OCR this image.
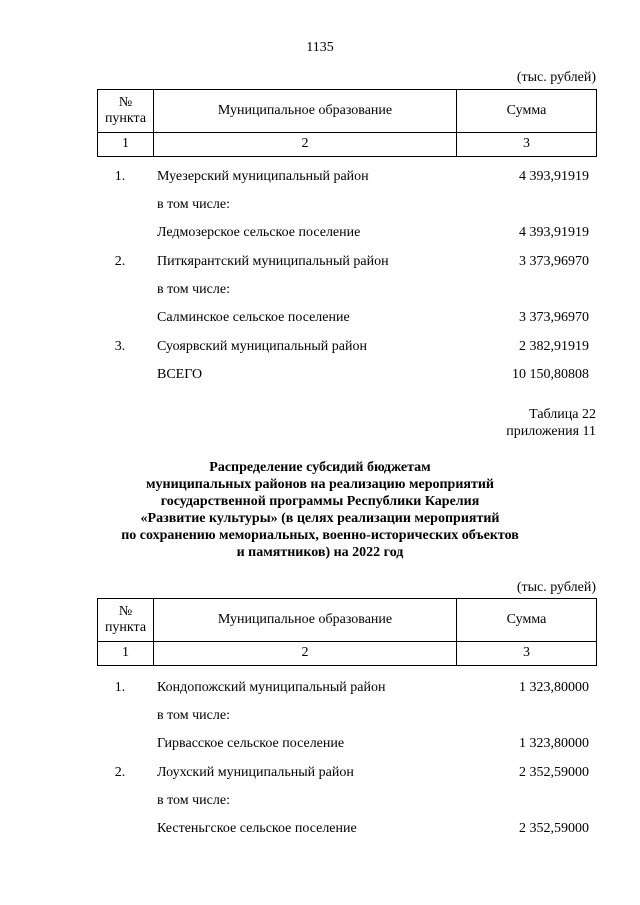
1135
(тыс. рублей)
№
пункта	Муниципальное образование	Сумма
1	2	3
1.	Муезерский муниципальный район	4 393,91919
в том числе:
Ледмозерское сельское поселение	4 393,91919
2.	Питкярантский муниципальный район	3 373,96970
в том числе:
Салминское сельское поселение	3 373,96970
3.	Суоярвский муниципальный район	2 382,91919
ВСЕГО	10 150,80808
Таблица 22
приложения 11
Распределение субсидий бюджетам
муниципальных районов на реализацию мероприятий
государственной программы Республики Карелия
«Развитие культуры» (в целях реализации мероприятий
по сохранению мемориальных, военно-исторических объектов
и памятников) на 2022 год
(тыс. рублей)
№
пункта	Муниципальное образование	Сумма
1	2	3
1.	Кондопожский муниципальный район	1 323,80000
в том числе:
Гирвасское сельское поселение	1 323,80000
2.	Лоухский муниципальный район	2 352,59000
в том числе:
Кестеньгское сельское поселение	2 352,59000
